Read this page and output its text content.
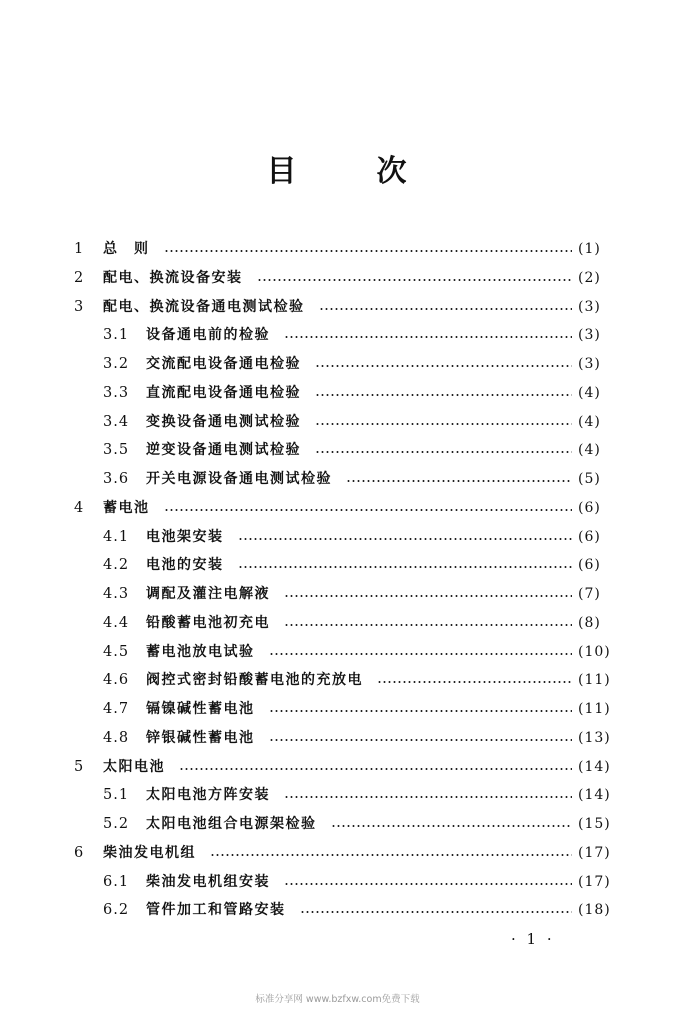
目	次
1 总　则	(1)
2 配电、换流设备安装	(2)
3 配电、换流设备通电测试检验	(3)
3.1 设备通电前的检验	(3)
3.2 交流配电设备通电检验	(3)
3.3 直流配电设备通电检验	(4)
3.4 变换设备通电测试检验	(4)
3.5 逆变设备通电测试检验	(4)
3.6 开关电源设备通电测试检验	(5)
4 蓄电池	(6)
4.1 电池架安装	(6)
4.2 电池的安装	(6)
4.3 调配及灌注电解液	(7)
4.4 铅酸蓄电池初充电	(8)
4.5 蓄电池放电试验	(10)
4.6 阀控式密封铅酸蓄电池的充放电	(11)
4.7 镉镍碱性蓄电池	(11)
4.8 锌银碱性蓄电池	(13)
5 太阳电池	(14)
5.1 太阳电池方阵安装	(14)
5.2 太阳电池组合电源架检验	(15)
6 柴油发电机组	(17)
6.1 柴油发电机组安装	(17)
6.2 管件加工和管路安装	(18)
· 1 ·
标准分享网 www.bzfxw.com免费下载
